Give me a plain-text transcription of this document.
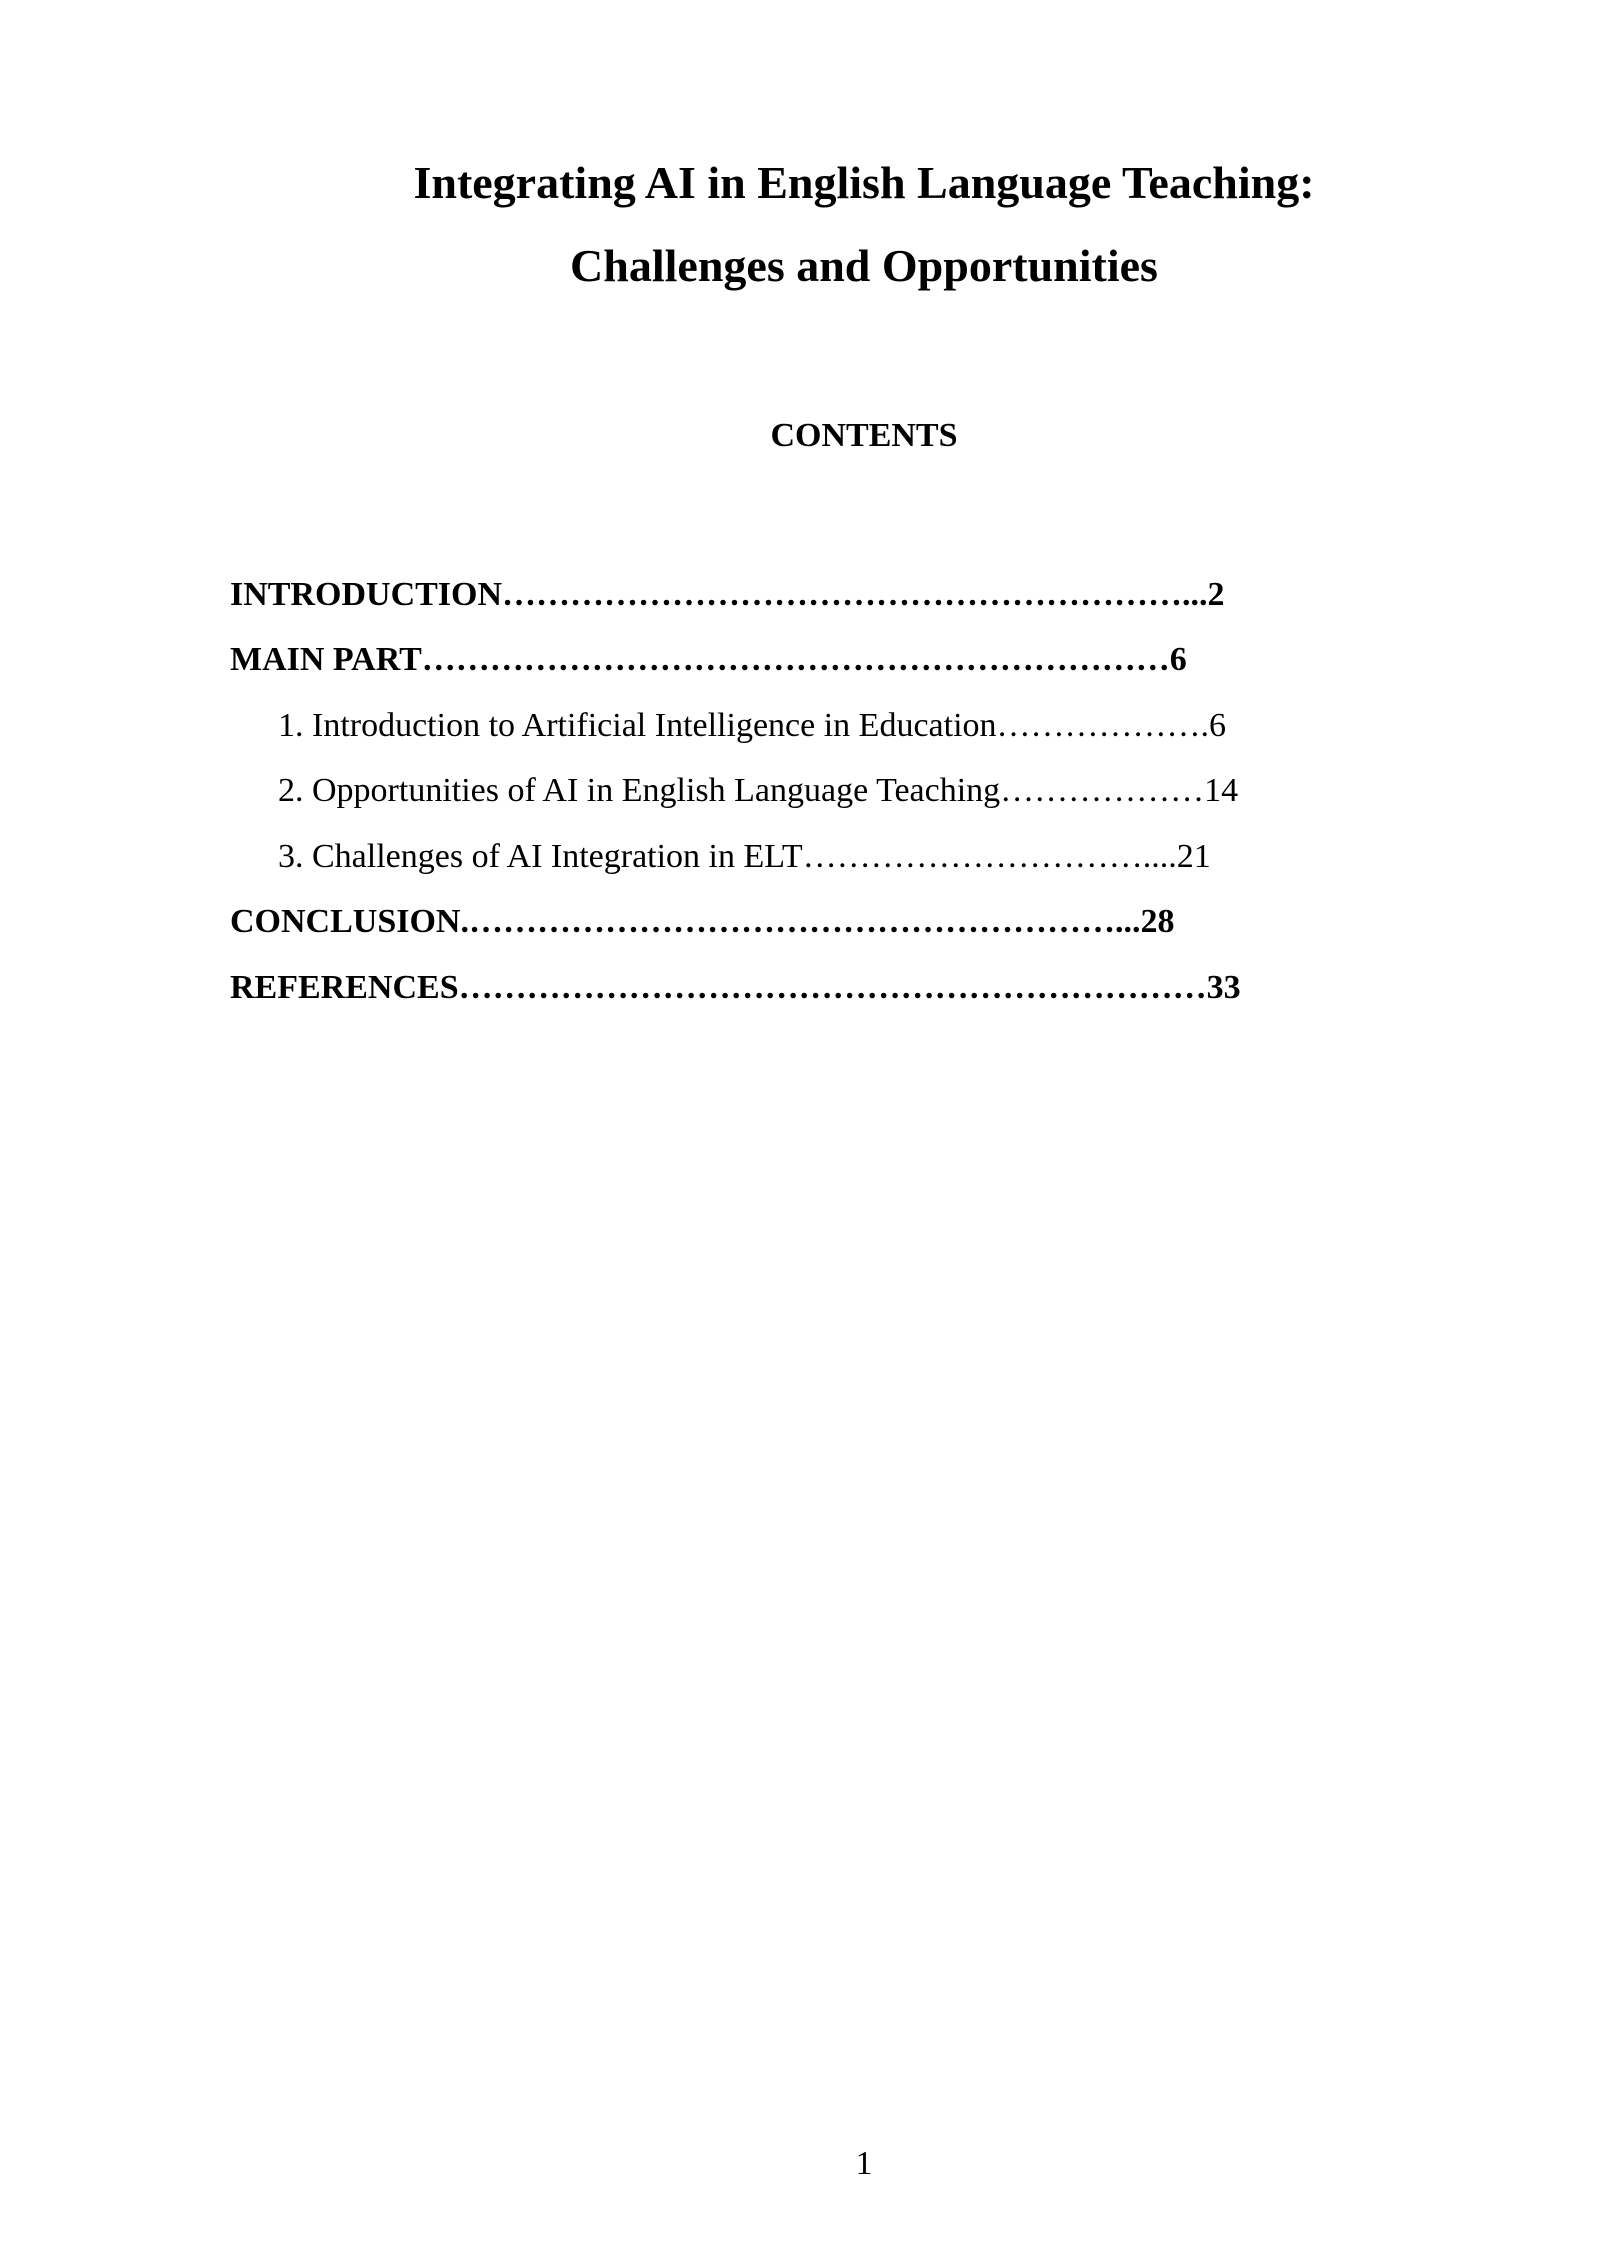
Integrating AI in English Language Teaching:
Challenges and Opportunities
CONTENTS

INTRODUCTION……………………………………………………...2

MAIN PART…………………………………………………………6

1. Introduction to Artificial Intelligence in Education……………….6

2. Opportunities of AI in English Language Teaching………………14

3. Challenges of AI Integration in ELT…………………………....21

CONCLUSION.…………………………………………………...28

REFERENCES…………………………………………………………33

1
